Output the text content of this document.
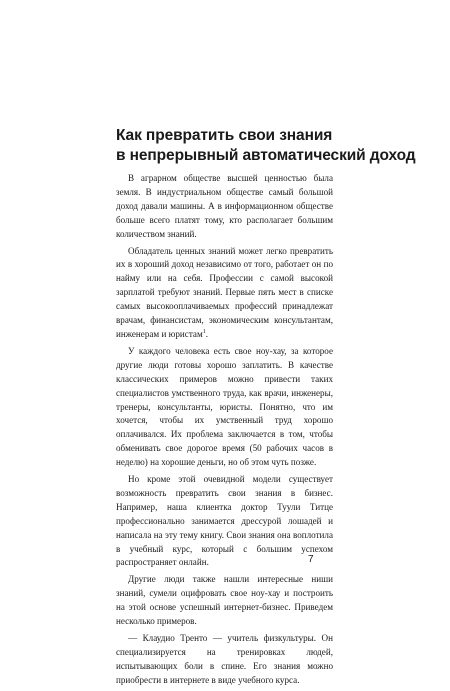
Как превратить свои знания
в непрерывный автоматический доход

В аграрном обществе высшей ценностью была земля. В индустриальном обществе самый большой доход давали машины. А в информационном обществе больше всего платят тому, кто располагает большим количеством знаний.

Обладатель ценных знаний может легко превратить их в хороший доход независимо от того, работает он по найму или на себя. Профессии с самой высокой зарплатой требуют знаний. Первые пять мест в списке самых высокооплачиваемых профессий принадлежат врачам, финансистам, экономическим консультантам, инженерам и юристам$^1$.

У каждого человека есть свое ноу-хау, за которое другие люди готовы хорошо заплатить. В качестве классических примеров можно привести таких специалистов умственного труда, как врачи, инженеры, тренеры, консультанты, юристы. Понятно, что им хочется, чтобы их умственный труд хорошо оплачивался. Их проблема заключается в том, чтобы обменивать свое дорогое время (50 рабочих часов в неделю) на хорошие деньги, но об этом чуть позже.

Но кроме этой очевидной модели существует возможность превратить свои знания в бизнес. Например, наша клиентка доктор Туули Титце профессионально занимается дрессурой лошадей и написала на эту тему книгу. Свои знания она воплотила в учебный курс, который с большим успехом распространяет онлайн.

Другие люди также нашли интересные ниши знаний, сумели оцифровать свое ноу-хау и построить на этой основе успешный интернет-бизнес. Приведем несколько примеров.

— Клаудио Тренто — учитель физкультуры. Он специализируется на тренировках людей, испытывающих боли в спине. Его знания можно приобрести в интернете в виде учебного курса.

7
